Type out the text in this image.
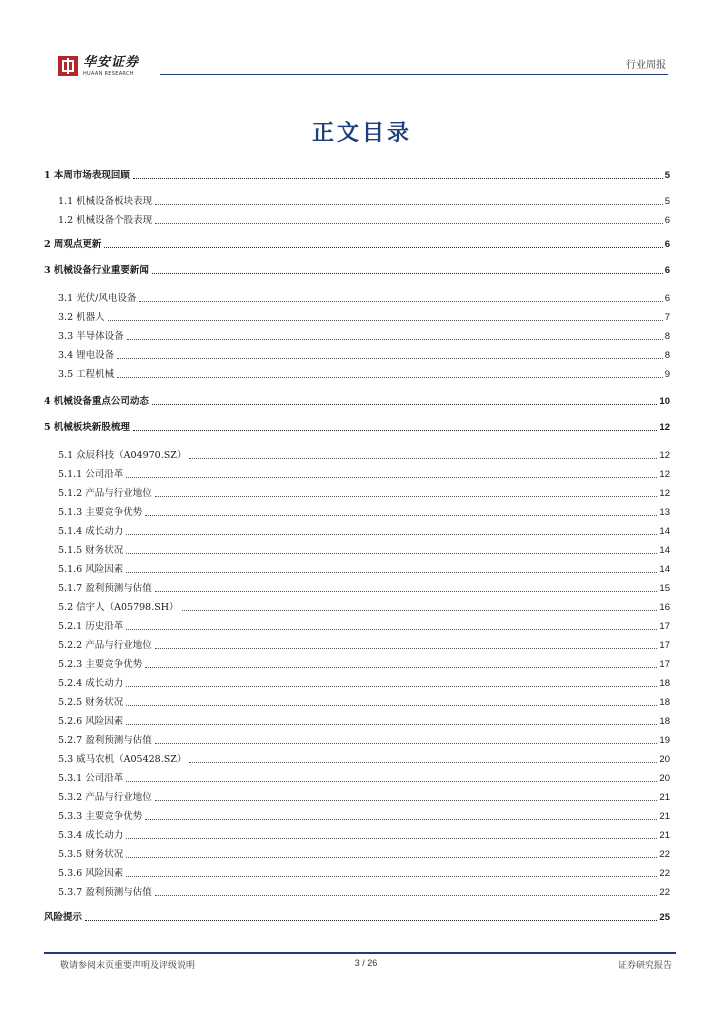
华安证券
HUAAN RESEARCH
行业周报
正文目录
1 本周市场表现回顾	5
1.1 机械设备板块表现	5
1.2 机械设备个股表现	6
2 周观点更新	6
3 机械设备行业重要新闻	6
3.1 光伏/风电设备	6
3.2 机器人	7
3.3 半导体设备	8
3.4 锂电设备	8
3.5 工程机械	9
4 机械设备重点公司动态	10
5 机械板块新股梳理	12
5.1 众辰科技（A04970.SZ）	12
5.1.1 公司沿革	12
5.1.2 产品与行业地位	12
5.1.3 主要竞争优势	13
5.1.4 成长动力	14
5.1.5 财务状况	14
5.1.6 风险因素	14
5.1.7 盈利预测与估值	15
5.2 信宇人（A05798.SH）	16
5.2.1 历史沿革	17
5.2.2 产品与行业地位	17
5.2.3 主要竞争优势	17
5.2.4 成长动力	18
5.2.5 财务状况	18
5.2.6 风险因素	18
5.2.7 盈利预测与估值	19
5.3 威马农机（A05428.SZ）	20
5.3.1 公司沿革	20
5.3.2 产品与行业地位	21
5.3.3 主要竞争优势	21
5.3.4 成长动力	21
5.3.5 财务状况	22
5.3.6 风险因素	22
5.3.7 盈利预测与估值	22
风险提示	25
敬请参阅末页重要声明及评级说明	3 / 26	证券研究报告
